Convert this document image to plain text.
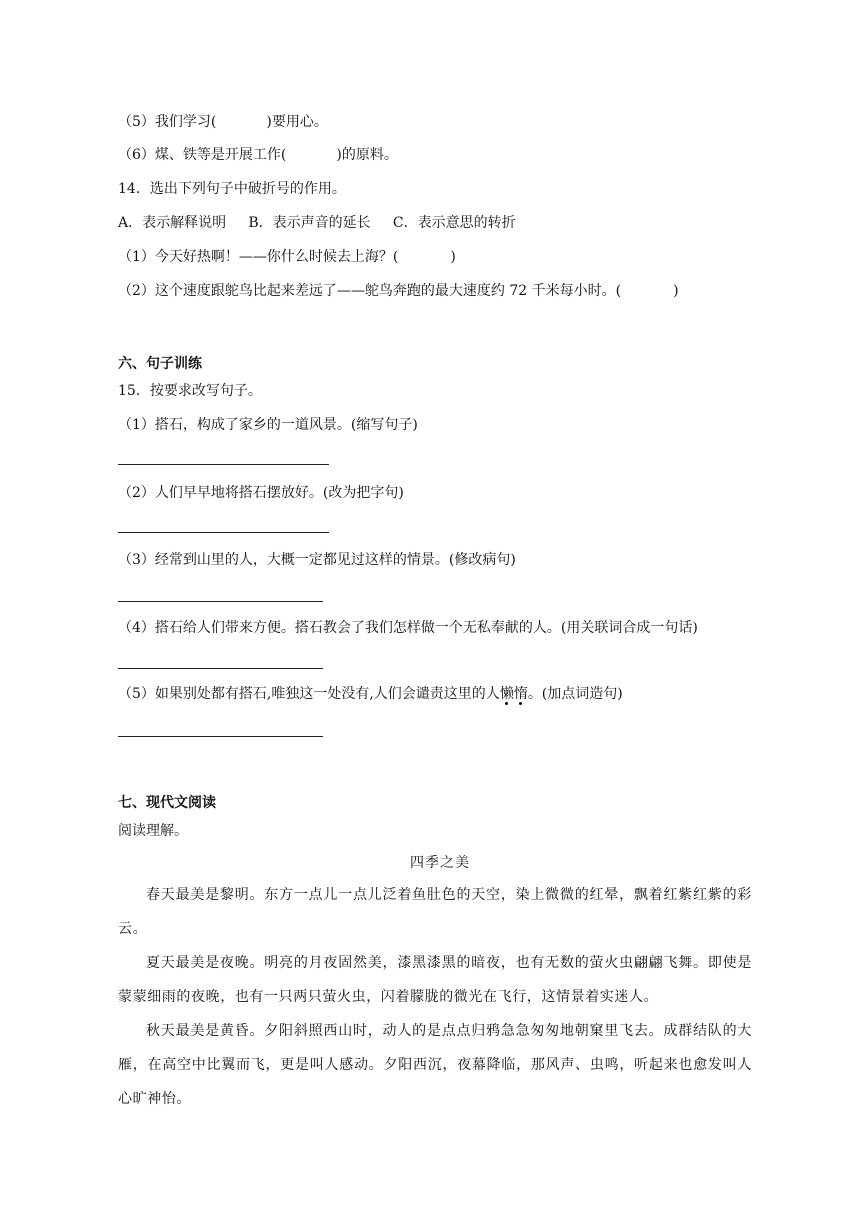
（5）我们学习(	)要用心。
（6）煤、铁等是开展工作(	)的原料。
14．选出下列句子中破折号的作用。
A．表示解释说明     B．表示声音的延长     C．表示意思的转折
（1）今天好热啊！——你什么时候去上海？(	)
（2）这个速度跟鸵鸟比起来差远了——鸵鸟奔跑的最大速度约 72 千米每小时。(	)
六、句子训练
15．按要求改写句子。
（1）搭石，构成了家乡的一道风景。(缩写句子)
（2）人们早早地将搭石摆放好。(改为把字句)
（3）经常到山里的人，大概一定都见过这样的情景。(修改病句)
（4）搭石给人们带来方便。搭石教会了我们怎样做一个无私奉献的人。(用关联词合成一句话)
（5）如果别处都有搭石,唯独这一处没有,人们会谴责这里的人懒惰。(加点词造句)
七、现代文阅读
阅读理解。
四季之美
春天最美是黎明。东方一点儿一点儿泛着鱼肚色的天空，染上微微的红晕，飘着红紫红紫的彩云。
夏天最美是夜晚。明亮的月夜固然美，漆黑漆黑的暗夜，也有无数的萤火虫翩翩飞舞。即使是蒙蒙细雨的夜晚，也有一只两只萤火虫，闪着朦胧的微光在飞行，这情景着实迷人。
秋天最美是黄昏。夕阳斜照西山时，动人的是点点归鸦急急匆匆地朝窠里飞去。成群结队的大雁，在高空中比翼而飞，更是叫人感动。夕阳西沉，夜幕降临，那风声、虫鸣，听起来也愈发叫人心旷神怡。
